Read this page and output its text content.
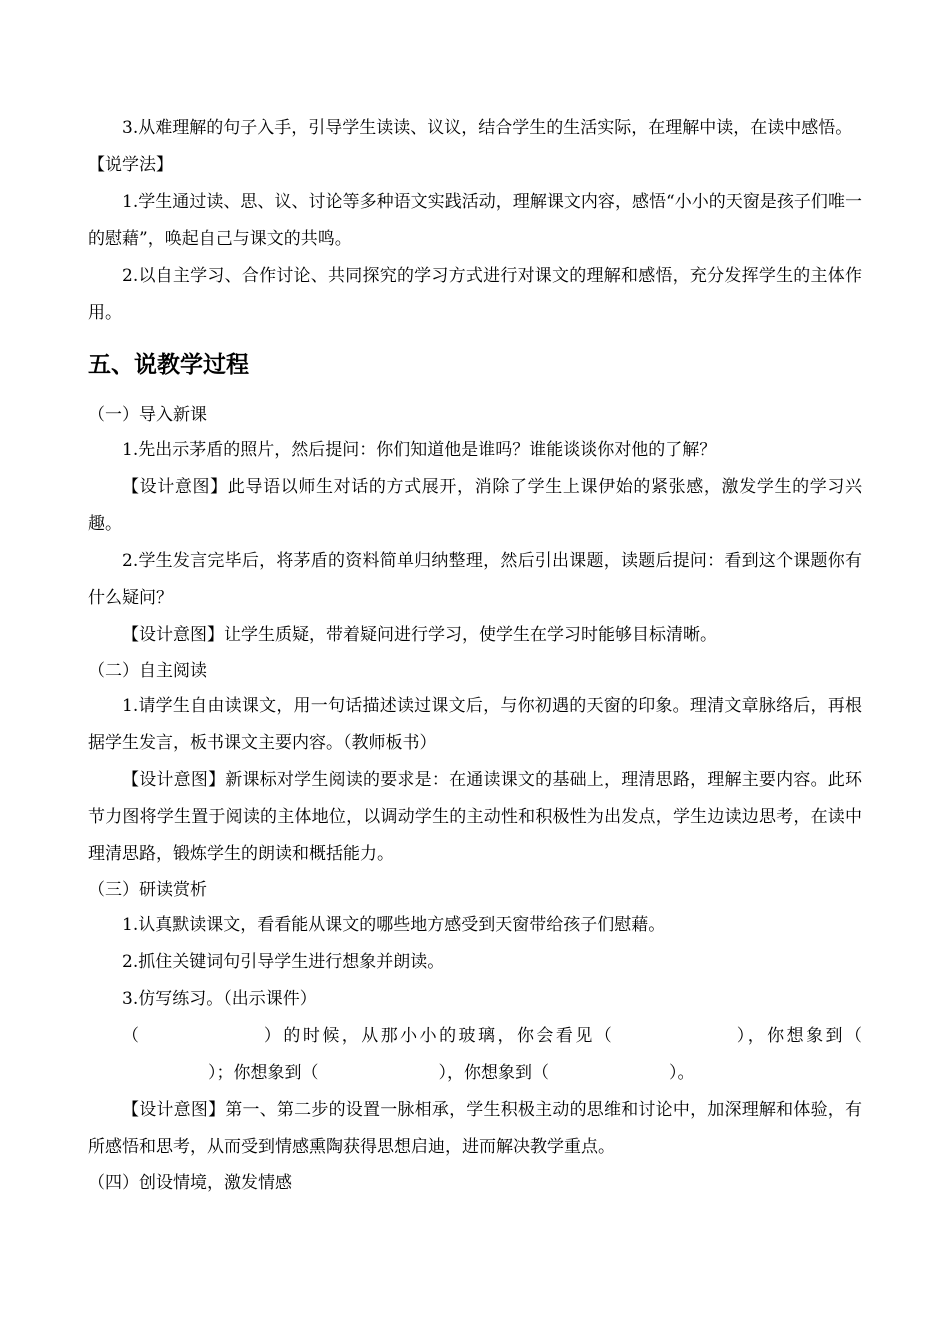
3.从难理解的句子入手，引导学生读读、议议，结合学生的生活实际，在理解中读，在读中感悟。

【说学法】

1.学生通过读、思、议、讨论等多种语文实践活动，理解课文内容，感悟“小小的天窗是孩子们唯一的慰藉”，唤起自己与课文的共鸣。

2.以自主学习、合作讨论、共同探究的学习方式进行对课文的理解和感悟，充分发挥学生的主体作用。

五、说教学过程

（一）导入新课

1.先出示茅盾的照片，然后提问：你们知道他是谁吗？谁能谈谈你对他的了解？

【设计意图】此导语以师生对话的方式展开，消除了学生上课伊始的紧张感，激发学生的学习兴趣。

2.学生发言完毕后，将茅盾的资料简单归纳整理，然后引出课题，读题后提问：看到这个课题你有什么疑问？

【设计意图】让学生质疑，带着疑问进行学习，使学生在学习时能够目标清晰。

（二）自主阅读

1.请学生自由读课文，用一句话描述读过课文后，与你初遇的天窗的印象。理清文章脉络后，再根据学生发言，板书课文主要内容。（教师板书）

【设计意图】新课标对学生阅读的要求是：在通读课文的基础上，理清思路，理解主要内容。此环节力图将学生置于阅读的主体地位，以调动学生的主动性和积极性为出发点，学生边读边思考，在读中理清思路，锻炼学生的朗读和概括能力。

（三）研读赏析

1.认真默读课文，看看能从课文的哪些地方感受到天窗带给孩子们慰藉。

2.抓住关键词句引导学生进行想象并朗读。

3.仿写练习。（出示课件）

（	）的时候，从那小小的玻璃，你会看见（	），你想象到（）；你想象到（	），你想象到（	）。

【设计意图】第一、第二步的设置一脉相承，学生积极主动的思维和讨论中，加深理解和体验，有所感悟和思考，从而受到情感熏陶获得思想启迪，进而解决教学重点。

（四）创设情境，激发情感
